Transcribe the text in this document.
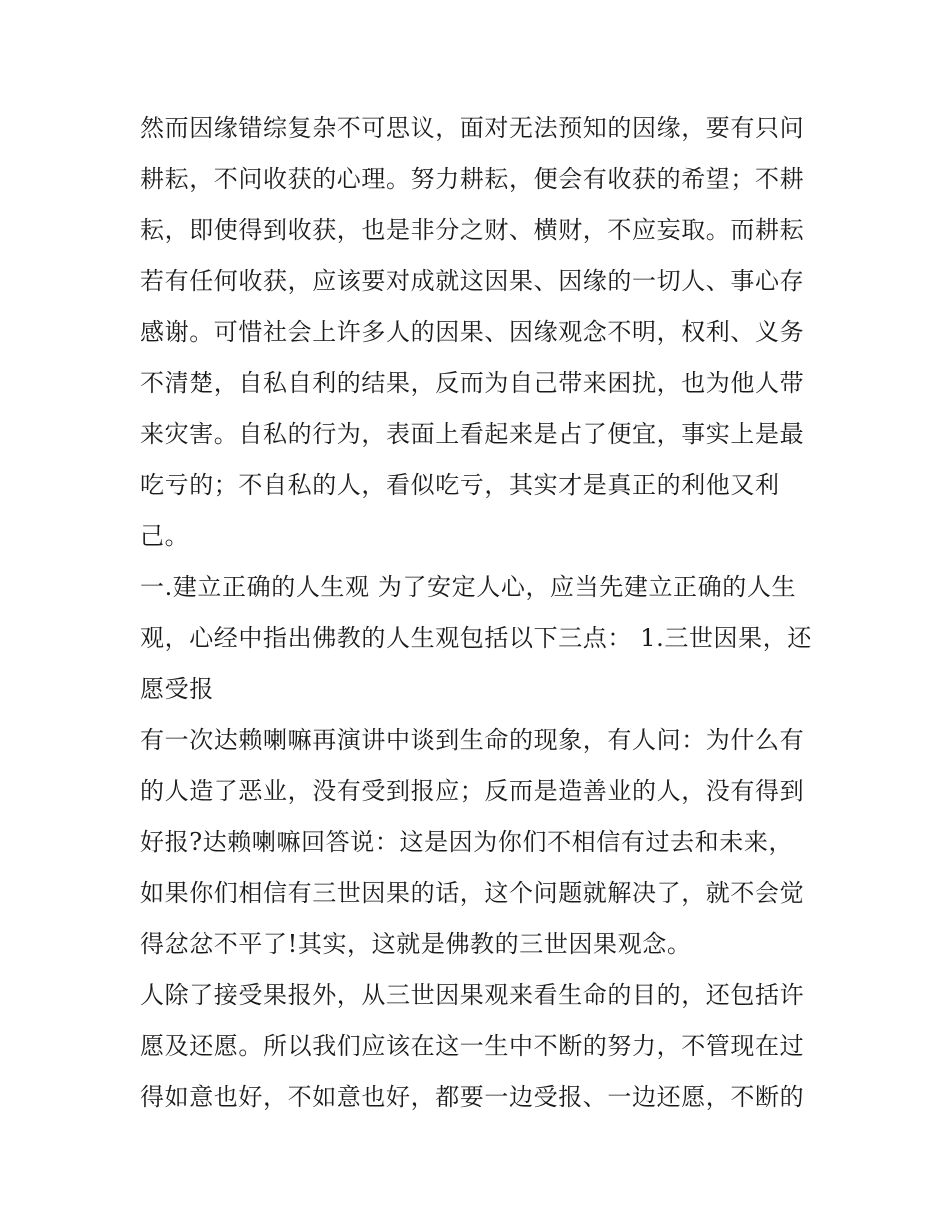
然而因缘错综复杂不可思议，面对无法预知的因缘，要有只问
耕耘，不问收获的心理。努力耕耘，便会有收获的希望；不耕
耘，即使得到收获，也是非分之财、横财，不应妄取。而耕耘
若有任何收获，应该要对成就这因果、因缘的一切人、事心存
感谢。可惜社会上许多人的因果、因缘观念不明，权利、义务
不清楚，自私自利的结果，反而为自己带来困扰，也为他人带
来灾害。自私的行为，表面上看起来是占了便宜，事实上是最
吃亏的；不自私的人，看似吃亏，其实才是真正的利他又利
己。
一.建立正确的人生观 为了安定人心，应当先建立正确的人生
观，心经中指出佛教的人生观包括以下三点： 1.三世因果，还
愿受报
有一次达赖喇嘛再演讲中谈到生命的现象，有人问：为什么有
的人造了恶业，没有受到报应；反而是造善业的人，没有得到
好报?达赖喇嘛回答说：这是因为你们不相信有过去和未来，
如果你们相信有三世因果的话，这个问题就解决了，就不会觉
得忿忿不平了!其实，这就是佛教的三世因果观念。
人除了接受果报外，从三世因果观来看生命的目的，还包括许
愿及还愿。所以我们应该在这一生中不断的努力，不管现在过
得如意也好，不如意也好，都要一边受报、一边还愿，不断的
